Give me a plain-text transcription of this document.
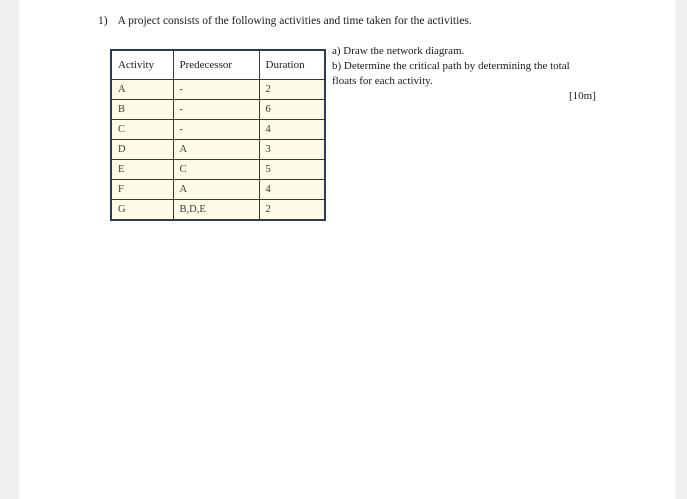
1) A project consists of the following activities and time taken for the activities.
Activity	Predecessor	Duration
A	-	2
B	-	6
C	-	4
D	A	3
E	C	5
F	A	4
G	B,D,E	2
a) Draw the network diagram.
b) Determine the critical path by determining the total
floats for each activity.
[10m]
